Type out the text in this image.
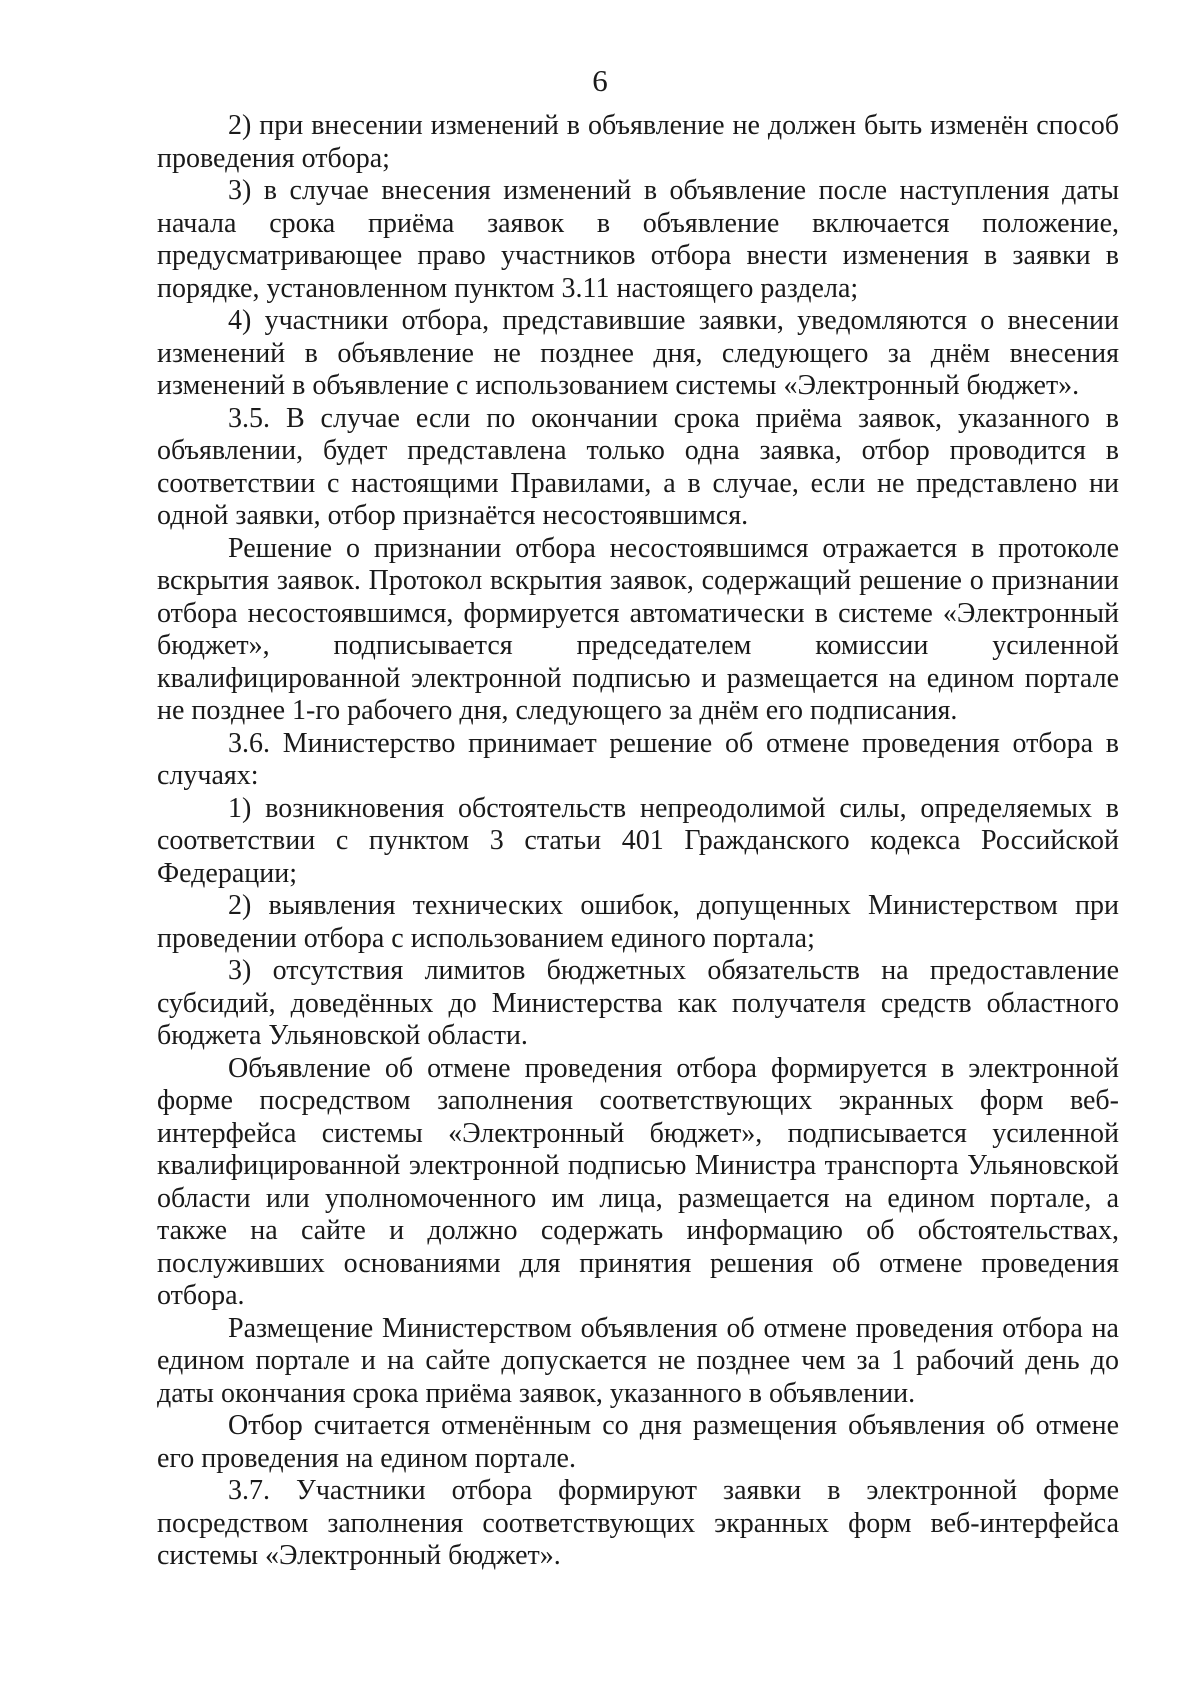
6

2) при внесении изменений в объявление не должен быть изменён способ проведения отбора;

3) в случае внесения изменений в объявление после наступления даты начала срока приёма заявок в объявление включается положение, предусматривающее право участников отбора внести изменения в заявки в порядке, установленном пунктом 3.11 настоящего раздела;

4) участники отбора, представившие заявки, уведомляются о внесении изменений в объявление не позднее дня, следующего за днём внесения изменений в объявление с использованием системы «Электронный бюджет».

3.5. В случае если по окончании срока приёма заявок, указанного в объявлении, будет представлена только одна заявка, отбор проводится в соответствии с настоящими Правилами, а в случае, если не представлено ни одной заявки, отбор признаётся несостоявшимся.

Решение о признании отбора несостоявшимся отражается в протоколе вскрытия заявок. Протокол вскрытия заявок, содержащий решение о признании отбора несостоявшимся, формируется автоматически в системе «Электронный бюджет», подписывается председателем комиссии усиленной квалифицированной электронной подписью и размещается на едином портале не позднее 1-го рабочего дня, следующего за днём его подписания.

3.6. Министерство принимает решение об отмене проведения отбора в случаях:

1) возникновения обстоятельств непреодолимой силы, определяемых в соответствии с пунктом 3 статьи 401 Гражданского кодекса Российской Федерации;

2) выявления технических ошибок, допущенных Министерством при проведении отбора с использованием единого портала;

3) отсутствия лимитов бюджетных обязательств на предоставление субсидий, доведённых до Министерства как получателя средств областного бюджета Ульяновской области.

Объявление об отмене проведения отбора формируется в электронной форме посредством заполнения соответствующих экранных форм веб-интерфейса системы «Электронный бюджет», подписывается усиленной квалифицированной электронной подписью Министра транспорта Ульяновской области или уполномоченного им лица, размещается на едином портале, а также на сайте и должно содержать информацию об обстоятельствах, послуживших основаниями для принятия решения об отмене проведения отбора.

Размещение Министерством объявления об отмене проведения отбора на едином портале и на сайте допускается не позднее чем за 1 рабочий день до даты окончания срока приёма заявок, указанного в объявлении.

Отбор считается отменённым со дня размещения объявления об отмене его проведения на едином портале.

3.7. Участники отбора формируют заявки в электронной форме посредством заполнения соответствующих экранных форм веб-интерфейса системы «Электронный бюджет».
